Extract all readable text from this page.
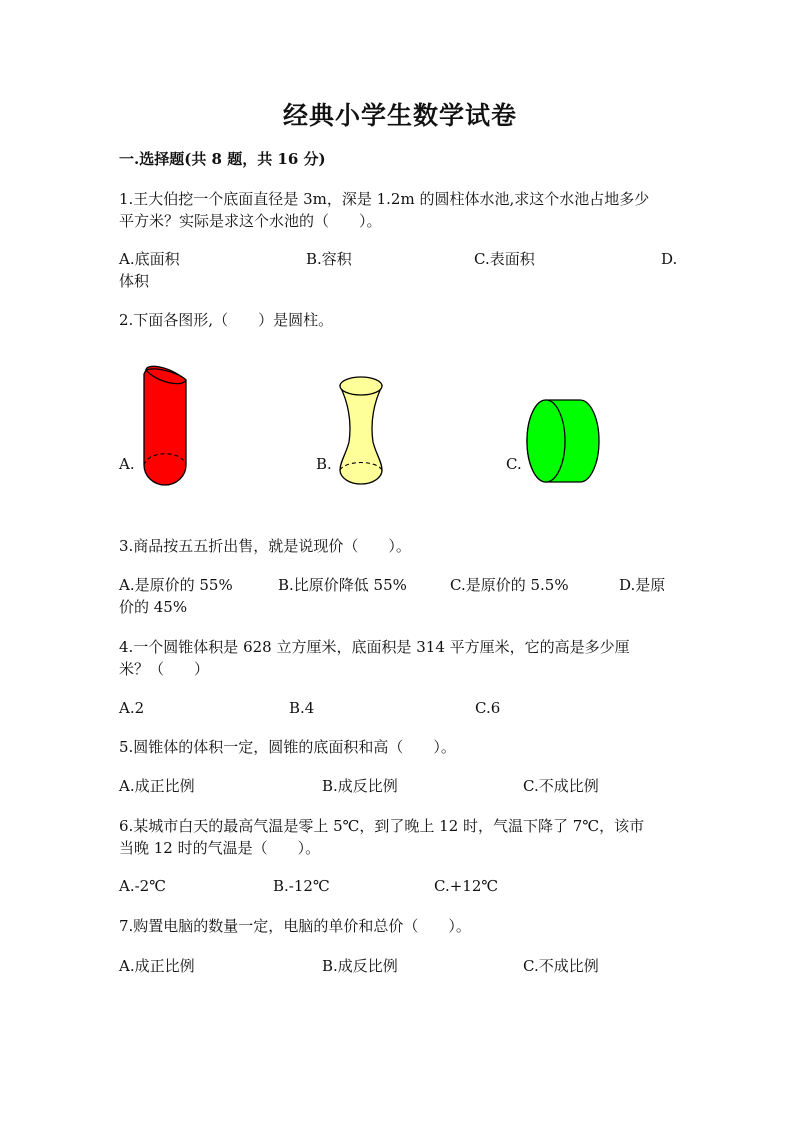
经典小学生数学试卷
一.选择题(共 8 题，共 16 分)
1.王大伯挖一个底面直径是 3m，深是 1.2m 的圆柱体水池,求这个水池占地多少
平方米？实际是求这个水池的（　　）。
A.底面积	B.容积	C.表面积	D.
体积
2.下面各图形,（　　）是圆柱。
A.	B.	C.
3.商品按五五折出售，就是说现价（　　）。
A.是原价的 55%	B.比原价降低 55%	C.是原价的 5.5%	D.是原
价的 45%
4.一个圆锥体积是 628 立方厘米，底面积是 314 平方厘米，它的高是多少厘
米？（　　）
A.2	B.4	C.6
5.圆锥体的体积一定，圆锥的底面积和高（　　）。
A.成正比例	B.成反比例	C.不成比例
6.某城市白天的最高气温是零上 5℃，到了晚上 12 时，气温下降了 7℃，该市
当晚 12 时的气温是（　　）。
A.-2℃	B.-12℃	C.+12℃
7.购置电脑的数量一定，电脑的单价和总价（　　）。
A.成正比例	B.成反比例	C.不成比例
